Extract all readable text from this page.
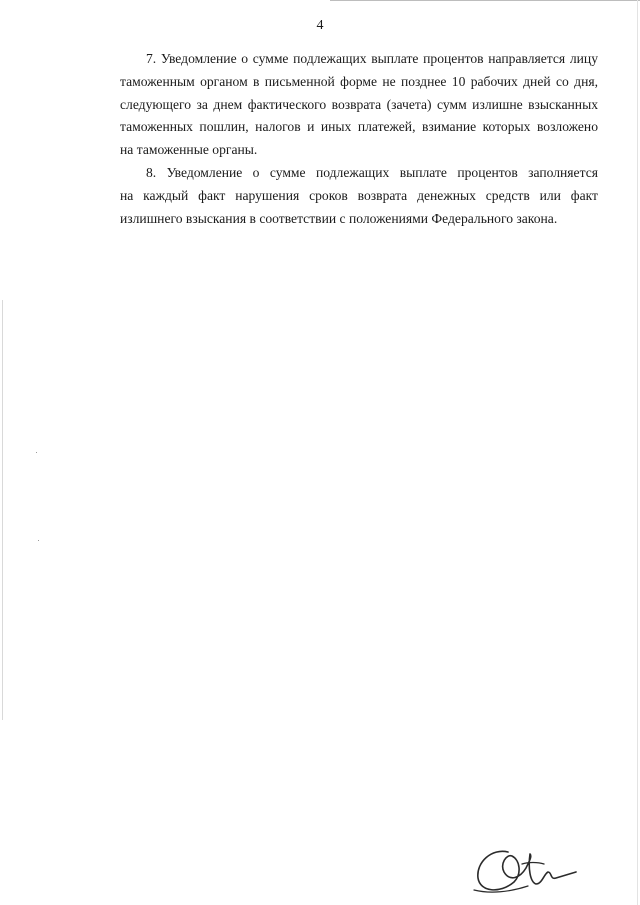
4

7. Уведомление о сумме подлежащих выплате процентов направляется лицу
таможенным органом в письменной форме не позднее 10 рабочих дней со дня,
следующего за днем фактического возврата (зачета) сумм излишне взысканных
таможенных пошлин, налогов и иных платежей, взимание которых возложено
на таможенные органы.

8. Уведомление о сумме подлежащих выплате процентов заполняется
на каждый факт нарушения сроков возврата денежных средств или факт
излишнего взыскания в соответствии с положениями Федерального закона.
